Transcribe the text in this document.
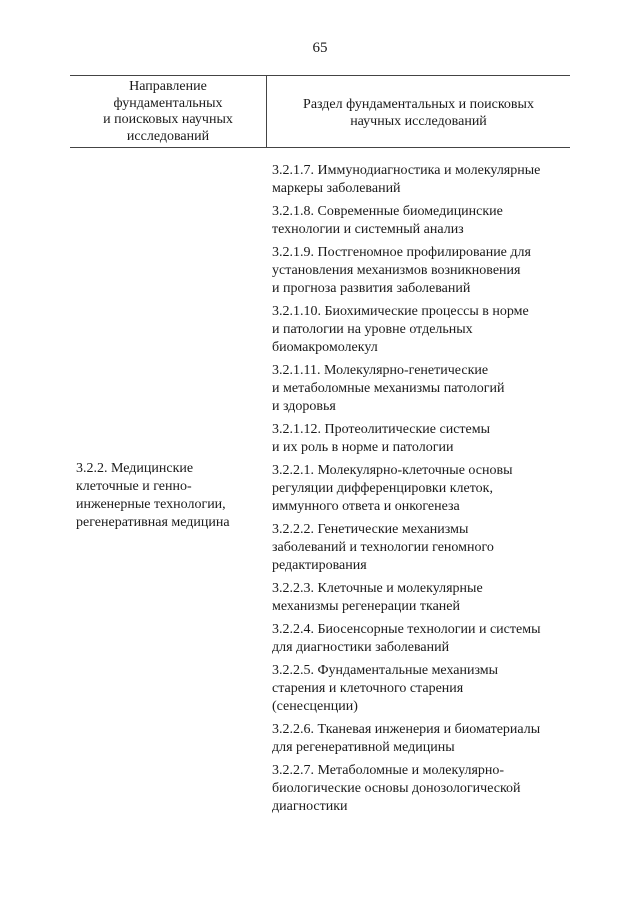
65
Направление
фундаментальных
и поисковых научных
исследований
Раздел фундаментальных и поисковых
научных исследований
3.2.2. Медицинские
клеточные и генно-
инженерные технологии,
регенеративная медицина
3.2.1.7. Иммунодиагностика и молекулярные
маркеры заболеваний
3.2.1.8. Современные биомедицинские
технологии и системный анализ
3.2.1.9. Постгеномное профилирование для
установления механизмов возникновения
и прогноза развития заболеваний
3.2.1.10. Биохимические процессы в норме
и патологии на уровне отдельных
биомакромолекул
3.2.1.11. Молекулярно-генетические
и метаболомные механизмы патологий
и здоровья
3.2.1.12. Протеолитические системы
и их роль в норме и патологии
3.2.2.1. Молекулярно-клеточные основы
регуляции дифференцировки клеток,
иммунного ответа и онкогенеза
3.2.2.2. Генетические механизмы
заболеваний и технологии геномного
редактирования
3.2.2.3. Клеточные и молекулярные
механизмы регенерации тканей
3.2.2.4. Биосенсорные технологии и системы
для диагностики заболеваний
3.2.2.5. Фундаментальные механизмы
старения и клеточного старения
(сенесценции)
3.2.2.6. Тканевая инженерия и биоматериалы
для регенеративной медицины
3.2.2.7. Метаболомные и молекулярно-
биологические основы донозологической
диагностики
